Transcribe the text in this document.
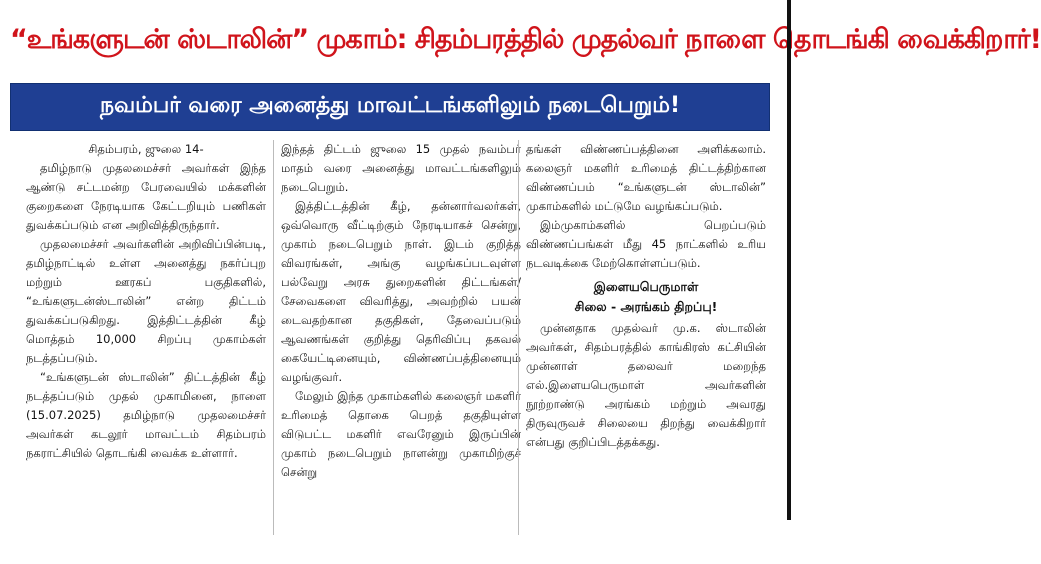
“உங்களுடன் ஸ்டாலின்” முகாம்: சிதம்பரத்தில் முதல்வர் நாளை தொடங்கி வைக்கிறார்!
நவம்பர் வரை அனைத்து மாவட்டங்களிலும் நடைபெறும்!

சிதம்பரம், ஜுலை 14-

தமிழ்நாடு முதலமைச்சர் அவர்கள் இந்த ஆண்டு சட்டமன்ற பேரவையில் மக்களின் குறைகளை நேரடியாக கேட்டறியும் பணிகள் துவக்கப்படும் என அறிவித்திருந்தார்.

முதலமைச்சர் அவர்களின் அறிவிப்பின்படி, தமிழ்நாட்டில் உள்ள அனைத்து நகர்ப்புற மற்றும் ஊரகப் பகுதிகளில், “உங்களுடன்ஸ்டாலின்” என்ற திட்டம் துவக்கப்படுகிறது. இத்திட்டத்தின் கீழ் மொத்தம் 10,000 சிறப்பு முகாம்கள் நடத்தப்படும்.

“உங்களுடன் ஸ்டாலின்” திட்டத்தின் கீழ் நடத்தப்படும் முதல் முகாமினை, நாளை (15.07.2025) தமிழ்நாடு முதலமைச்சர் அவர்கள் கடலூர் மாவட்டம் சிதம்பரம் நகராட்சியில் தொடங்கி வைக்க உள்ளார்.

இந்தத் திட்டம் ஜுலை 15 முதல் நவம்பர் மாதம் வரை அனைத்து மாவட்டங்களிலும் நடைபெறும்.

இத்திட்டத்தின் கீழ், தன்னார்வலர்கள், ஒவ்வொரு வீட்டிற்கும் நேரடியாகச் சென்று, முகாம் நடைபெறும் நாள். இடம் குறித்த விவரங்கள், அங்கு வழங்கப்படவுள்ள பல்வேறு அரசு துறைகளின் திட்டங்கள்/சேவைகளை விவரித்து, அவற்றில் பயன் டைவதற்கான தகுதிகள், தேவைப்படும் ஆவணங்கள் குறித்து தெரிவிப்பு தகவல் கையேட்டினையும், விண்ணப்பத்தினையும் வழங்குவர்.

மேலும் இந்த முகாம்களில் கலைஞர் மகளிர் உரிமைத் தொகை பெறத் தகுதியுள்ள விடுபட்ட மகளிர் எவரேனும் இருப்பின் முகாம் நடைபெறும் நாளன்று முகாமிற்குச் சென்று

தங்கள் விண்ணப்பத்தினை அளிக்கலாம். கலைஞர் மகளிர் உரிமைத் திட்டத்திற்கான விண்ணப்பம் “உங்களுடன் ஸ்டாலின்” முகாம்களில் மட்டுமே வழங்கப்படும்.

இம்முகாம்களில் பெறப்படும் விண்ணப்பங்கள் மீது 45 நாட்களில் உரிய நடவடிக்கை மேற்கொள்ளப்படும்.

இளையபெருமாள்
சிலை - அரங்கம் திறப்பு!

முன்னதாக முதல்வர் மு.க. ஸ்டாலின் அவர்கள், சிதம்பரத்தில் காங்கிரஸ் கட்சியின் முன்னாள் தலைவர் மறைந்த எல்.இளையபெருமாள் அவர்களின் நூற்றாண்டு அரங்கம் மற்றும் அவரது திருவுருவச் சிலையை திறந்து வைக்கிறார் என்பது குறிப்பிடத்தக்கது.
